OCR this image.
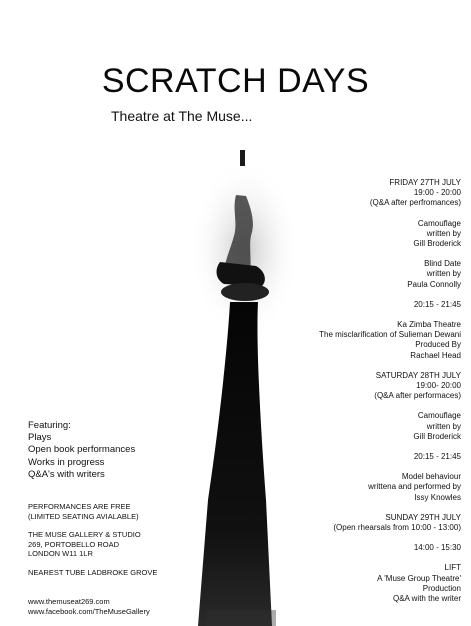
SCRATCH DAYS
Theatre at The Muse...
FRIDAY 27TH JULY
19:00 - 20:00
(Q&A after perfromances)
Camouflage
written by
Gill Broderick
Blind Date
written by
Paula Connolly
20:15 - 21:45
Ka Zimba Theatre
The misclarification of Sulieman Dewani
Produced By
Rachael Head
SATURDAY 28TH JULY
19:00- 20:00
(Q&A after performaces)
Camouflage
written by
Gill Broderick
20:15 - 21:45
Model behaviour
writtena and performed by
Issy Knowles
SUNDAY 29TH JULY
(Open rhearsals from 10:00 - 13:00)
14:00 - 15:30
LIFT
A 'Muse Group Theatre'
Production
Q&A with the writer
Featuring:
Plays
Open book performances
Works in progress
Q&A's with writers
PERFORMANCES ARE FREE
(LIMITED SEATING AVIALABLE)
THE MUSE GALLERY & STUDIO
269, PORTOBELLO ROAD
LONDON W11 1LR
NEAREST TUBE LADBROKE GROVE
www.themuseat269.com
www.facebook.com/TheMuseGallery
